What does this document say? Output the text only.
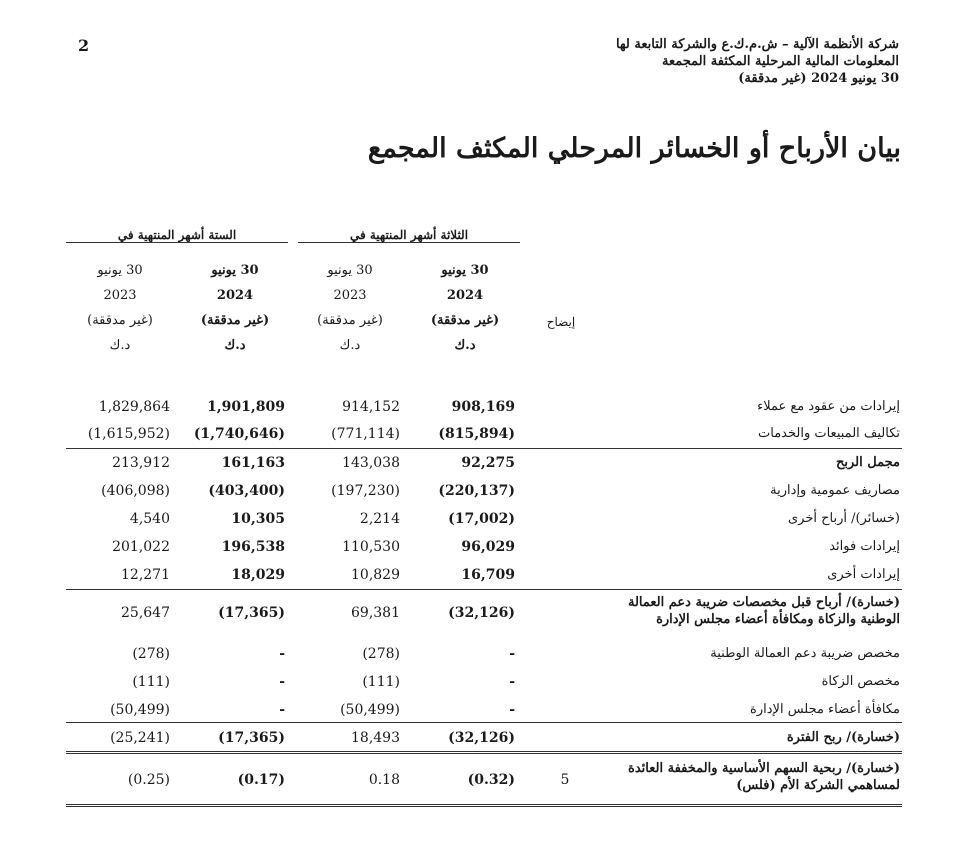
2	شركة الأنظمة الآلية – ش.م.ك.ع والشركة التابعة لها
المعلومات المالية المرحلية المكثفة المجمعة
30 يونيو 2024 (غير مدققة)
بيان الأرباح أو الخسائر المرحلي المكثف المجمع
الثلاثة أشهر المنتهية في
الستة أشهر المنتهية في
30 يونيو
2024
(غير مدققة)
د.ك
30 يونيو
2023
(غير مدققة)
د.ك
30 يونيو
2024
(غير مدققة)
د.ك
30 يونيو
2023
(غير مدققة)
د.ك
إيضاح
إيرادات من عقود مع عملاء
908,169
914,152
1,901,809
1,829,864
تكاليف المبيعات والخدمات
(815,894)
(771,114)
(1,740,646)
(1,615,952)
مجمل الربح
92,275
143,038
161,163
213,912
مصاريف عمومية وإدارية
(220,137)
(197,230)
(403,400)
(406,098)
(خسائر)/ أرباح أخرى
(17,002)
2,214
10,305
4,540
إيرادات فوائد
96,029
110,530
196,538
201,022
إيرادات أخرى
16,709
10,829
18,029
12,271
(خسارة)/ أرباح قبل مخصصات ضريبة دعم العمالة الوطنية والزكاة ومكافأة أعضاء مجلس الإدارة
(32,126)
69,381
(17,365)
25,647
مخصص ضريبة دعم العمالة الوطنية
-
(278)
-
(278)
مخصص الزكاة
-
(111)
-
(111)
مكافأة أعضاء مجلس الإدارة
-
(50,499)
-
(50,499)
(خسارة)/ ربح الفترة
(32,126)
18,493
(17,365)
(25,241)
(خسارة)/ ربحية السهم الأساسية والمخففة العائدة لمساهمي الشركة الأم (فلس)
5
(0.32)
0.18
(0.17)
(0.25)
